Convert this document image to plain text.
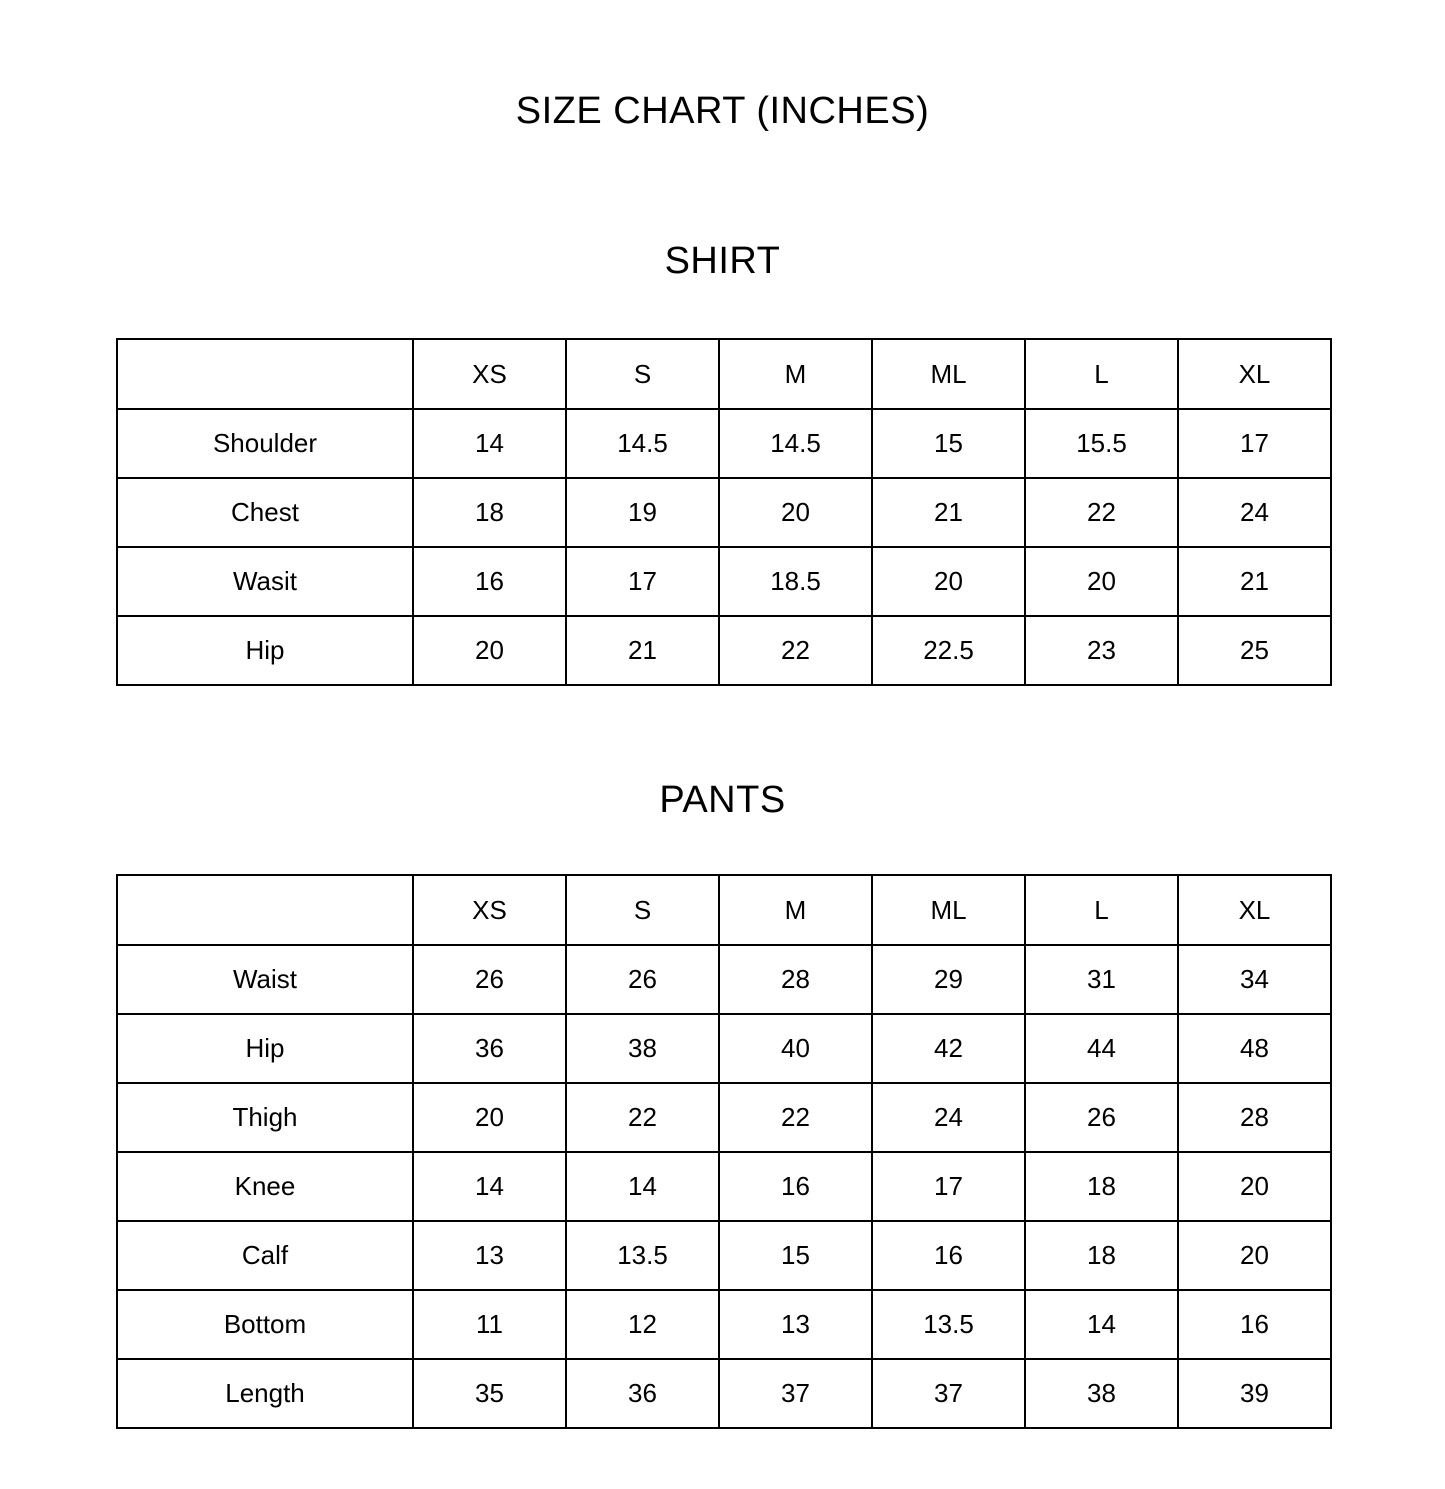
SIZE CHART (INCHES)
SHIRT
	XS	S	M	ML	L	XL
Shoulder	14	14.5	14.5	15	15.5	17
Chest	18	19	20	21	22	24
Wasit	16	17	18.5	20	20	21
Hip	20	21	22	22.5	23	25
PANTS
	XS	S	M	ML	L	XL
Waist	26	26	28	29	31	34
Hip	36	38	40	42	44	48
Thigh	20	22	22	24	26	28
Knee	14	14	16	17	18	20
Calf	13	13.5	15	16	18	20
Bottom	11	12	13	13.5	14	16
Length	35	36	37	37	38	39
